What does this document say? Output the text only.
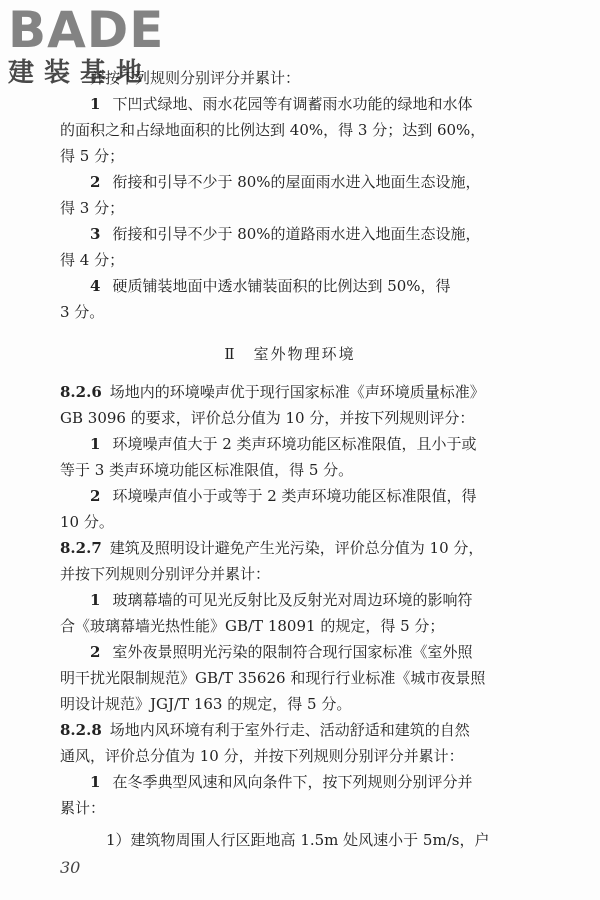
BADE
建装基地
并按下列规则分别评分并累计：
1 下凹式绿地、雨水花园等有调蓄雨水功能的绿地和水体
的面积之和占绿地面积的比例达到 40%，得 3 分；达到 60%，
得 5 分；
2 衔接和引导不少于 80%的屋面雨水进入地面生态设施，
得 3 分；
3 衔接和引导不少于 80%的道路雨水进入地面生态设施，
得 4 分；
4 硬质铺装地面中透水铺装面积的比例达到 50%，得
3 分。
Ⅱ　室外物理环境
8.2.6 场地内的环境噪声优于现行国家标准《声环境质量标准》
GB 3096 的要求，评价总分值为 10 分，并按下列规则评分：
1 环境噪声值大于 2 类声环境功能区标准限值，且小于或
等于 3 类声环境功能区标准限值，得 5 分。
2 环境噪声值小于或等于 2 类声环境功能区标准限值，得
10 分。
8.2.7 建筑及照明设计避免产生光污染，评价总分值为 10 分，
并按下列规则分别评分并累计：
1 玻璃幕墙的可见光反射比及反射光对周边环境的影响符
合《玻璃幕墙光热性能》GB/T 18091 的规定，得 5 分；
2 室外夜景照明光污染的限制符合现行国家标准《室外照
明干扰光限制规范》GB/T 35626 和现行行业标准《城市夜景照
明设计规范》JGJ/T 163 的规定，得 5 分。
8.2.8 场地内风环境有利于室外行走、活动舒适和建筑的自然
通风，评价总分值为 10 分，并按下列规则分别评分并累计：
1 在冬季典型风速和风向条件下，按下列规则分别评分并
累计：
1）建筑物周围人行区距地高 1.5m 处风速小于 5m/s，户
30
